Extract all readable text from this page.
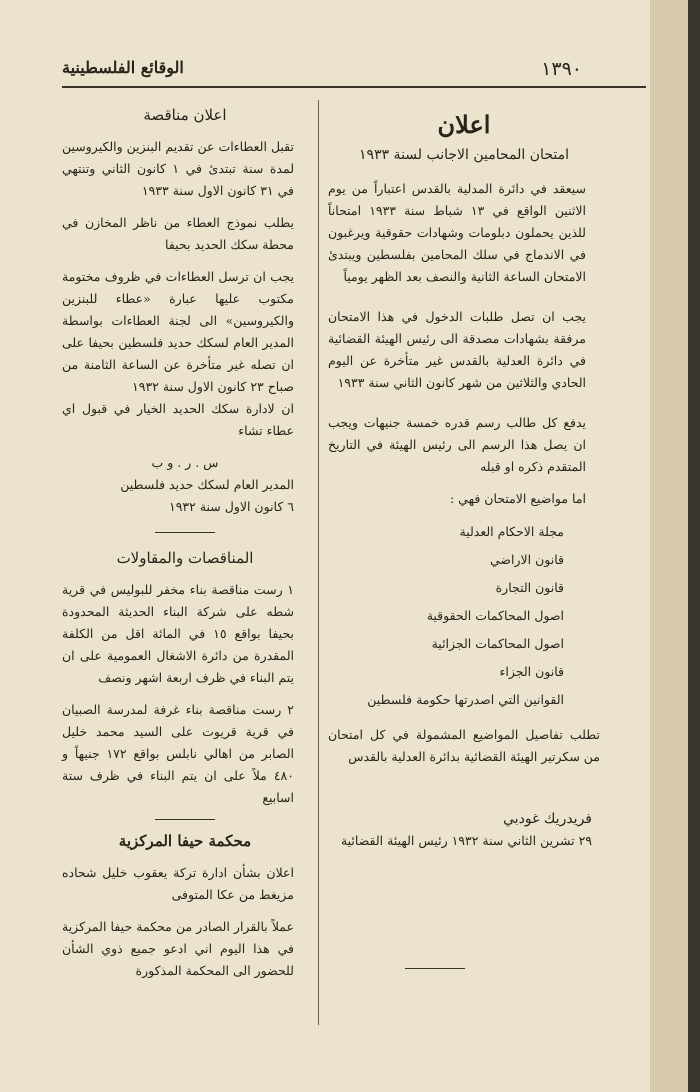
١٣٩٠
الوقائع الفلسطينية
اعلان
امتحان المحامين الاجانب لسنة ١٩٣٣

سيعقد في دائرة المدلية بالقدس اعتباراً من يوم الاثنين الواقع في ١٣ شباط سنة ١٩٣٣ امتحاناً للذين يحملون دبلومات وشهادات حقوقية ويرغبون في الاندماج في سلك المحامين بفلسطين ويبتدئ الامتحان الساعة الثانية والنصف بعد الظهر يومياً

يجب ان تصل طلبات الدخول في هذا الامتحان مرفقة بشهادات مصدقة الى رئيس الهيئة القضائية في دائرة العدلية بالقدس غير متأخرة عن اليوم الحادي والثلاثين من شهر كانون الثاني سنة ١٩٣٣

يدفع كل طالب رسم قدره خمسة جنيهات ويجب ان يصل هذا الرسم الى رئيس الهيئة في التاريخ المتقدم ذكره او قبله

اما مواضيع الامتحان فهي :

مجلة الاحكام العدلية
قانون الاراضي
قانون التجارة
اصول المحاكمات الحقوقية
اصول المحاكمات الجزائية
قانون الجزاء
القوانين التي اصدرتها حكومة فلسطين

تطلب تفاصيل المواضيع المشمولة في كل امتحان من سكرتير الهيئة القضائية بدائرة العدلية بالقدس

فريدريك غودبي
٢٩ تشرين الثاني سنة ١٩٣٢ رئيس الهيئة القضائية
اعلان مناقصة

تقبل العطاءات عن تقديم البنزين والكيروسين لمدة سنة تبتدئ في ١ كانون الثاني وتنتهي في ٣١ كانون الاول سنة ١٩٣٣

يطلب نموذج العطاء من ناظر المخازن في محطة سكك الحديد بحيفا

يجب ان ترسل العطاءات في ظروف مختومة مكتوب عليها عبارة «عطاء للبنزين والكيروسين» الى لجنة العطاءات بواسطة المدير العام لسكك حديد فلسطين بحيفا على ان تصله غير متأخرة عن الساعة الثامنة من صباح ٢٣ كانون الاول سنة ١٩٣٢

ان لادارة سكك الحديد الخيار في قبول اي عطاء تشاء

س . ر . و ب
المدير العام لسكك حديد فلسطين
٦ كانون الاول سنة ١٩٣٢
المناقصات والمقاولات

١ رست مناقصة بناء مخفر للبوليس في قرية شطه على شركة البناء الحديثة المحدودة بحيفا بواقع ١٥ في المائة اقل من الكلفة المقدرة من دائرة الاشغال العمومية على ان يتم البناء في ظرف اربعة اشهر ونصف

٢ رست مناقصة بناء غرفة لمدرسة الصبيان في قرية قريوت على السيد محمد خليل الصابر من اهالي نابلس بواقع ١٧٢ جنيهاً و ٤٨٠ ملاً على ان يتم البناء في ظرف ستة اسابيع

محكمة حيفا المركزية

اعلان بشأن ادارة تركة يعقوب خليل شحاده مزيغط من عكا المتوفى

عملاً بالقرار الصادر من محكمة حيفا المركزية في هذا اليوم اني ادعو جميع ذوي الشأن للحضور الى المحكمة المذكورة
